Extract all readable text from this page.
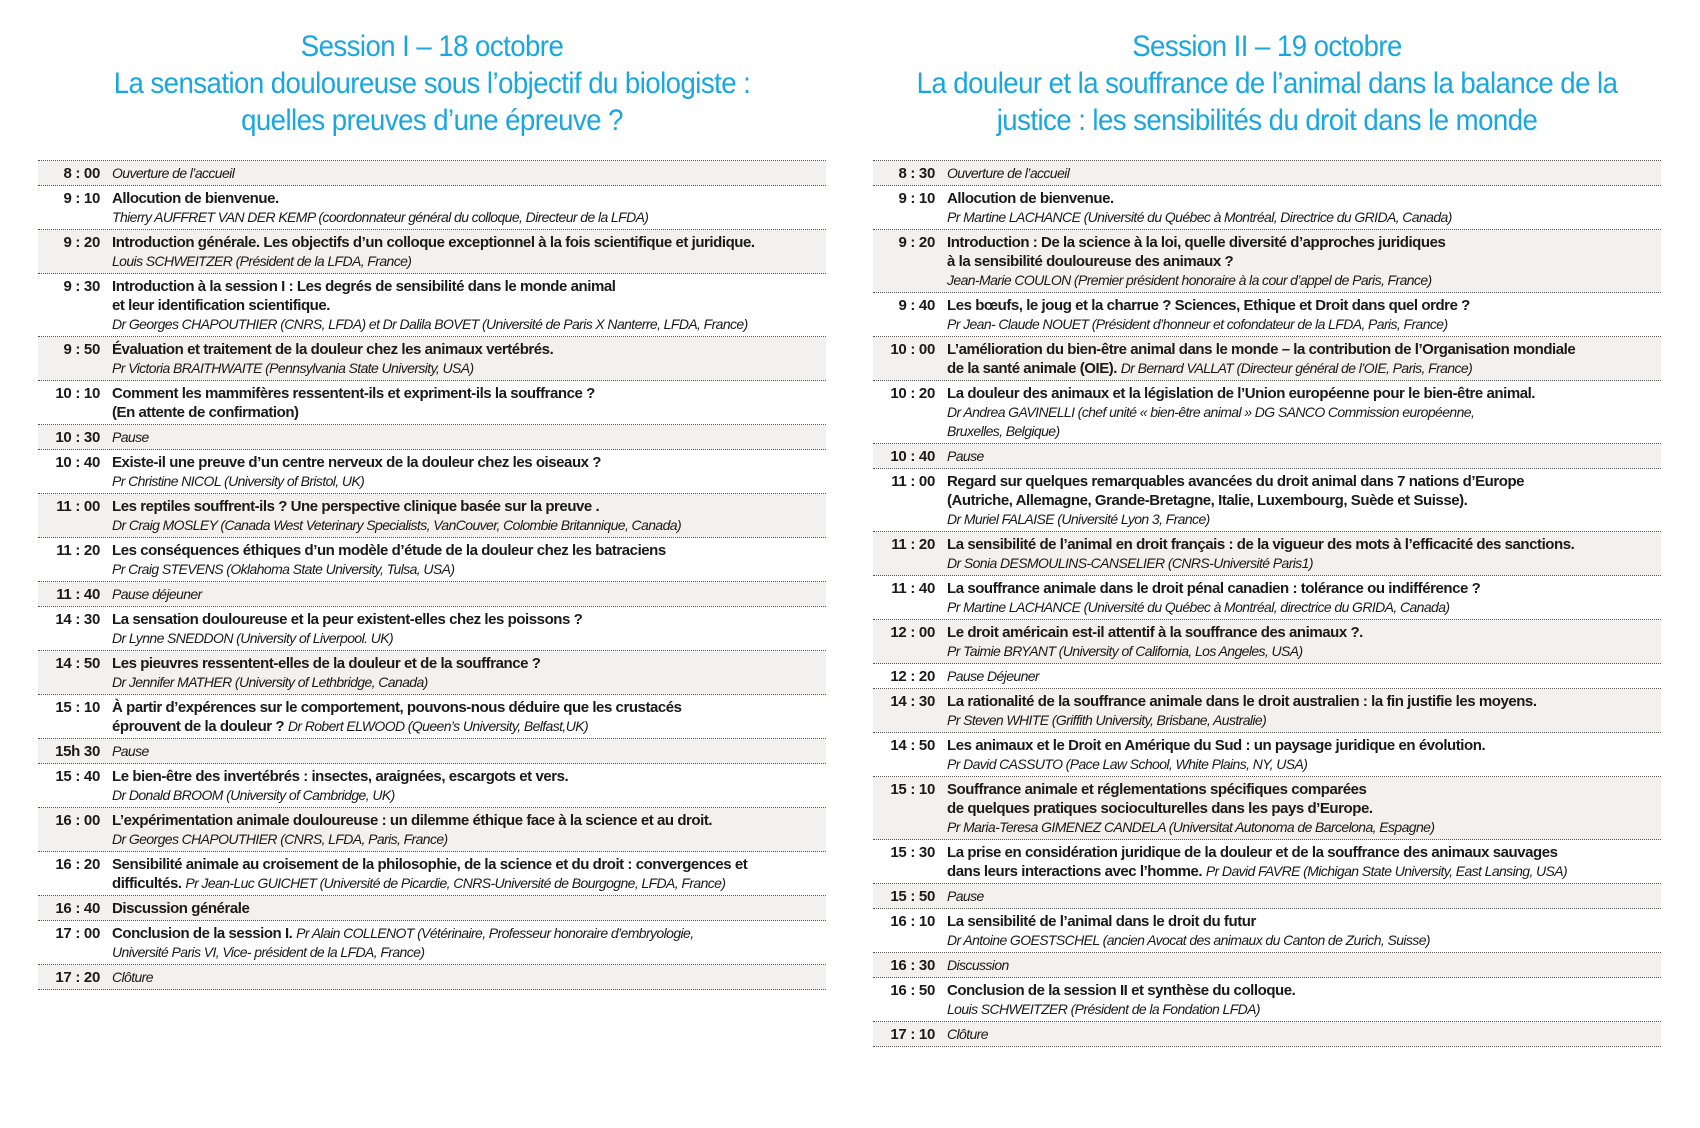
Session I – 18 octobre
La sensation douloureuse sous l’objectif du biologiste :
quelles preuves d’une épreuve ?
8 : 00 Ouverture de l’accueil
9 : 10 Allocution de bienvenue.
Thierry AUFFRET VAN DER KEMP (coordonnateur général du colloque, Directeur de la LFDA)
9 : 20 Introduction générale. Les objectifs d’un colloque exceptionnel à la fois scientifique et juridique.
Louis SCHWEITZER (Président de la LFDA, France)
9 : 30 Introduction à la session I : Les degrés de sensibilité dans le monde animal
et leur identification scientifique.
Dr Georges CHAPOUTHIER (CNRS, LFDA) et Dr Dalila BOVET (Université de Paris X Nanterre, LFDA, France)
9 : 50 Évaluation et traitement de la douleur chez les animaux vertébrés.
Pr Victoria BRAITHWAITE (Pennsylvania State University, USA)
10 : 10 Comment les mammifères ressentent-ils et expriment-ils la souffrance ?
(En attente de confirmation)
10 : 30 Pause
10 : 40 Existe-il une preuve d’un centre nerveux de la douleur chez les oiseaux ?
Pr Christine NICOL (University of Bristol, UK)
11 : 00 Les reptiles souffrent-ils ? Une perspective clinique basée sur la preuve .
Dr Craig MOSLEY (Canada West Veterinary Specialists, VanCouver, Colombie Britannique, Canada)
11 : 20 Les conséquences éthiques d’un modèle d’étude de la douleur chez les batraciens
Pr Craig STEVENS (Oklahoma State University, Tulsa, USA)
11 : 40 Pause déjeuner
14 : 30 La sensation douloureuse et la peur existent-elles chez les poissons ?
Dr Lynne SNEDDON (University of Liverpool. UK)
14 : 50 Les pieuvres ressentent-elles de la douleur et de la souffrance ?
Dr Jennifer MATHER (University of Lethbridge, Canada)
15 : 10 À partir d’expérences sur le comportement, pouvons-nous déduire que les crustacés
éprouvent de la douleur ? Dr Robert ELWOOD (Queen’s University, Belfast,UK)
15h 30 Pause
15 : 40 Le bien-être des invertébrés : insectes, araignées, escargots et vers.
Dr Donald BROOM (University of Cambridge, UK)
16 : 00 L’expérimentation animale douloureuse : un dilemme éthique face à la science et au droit.
Dr Georges CHAPOUTHIER (CNRS, LFDA, Paris, France)
16 : 20 Sensibilité animale au croisement de la philosophie, de la science et du droit : convergences et
difficultés. Pr Jean-Luc GUICHET (Université de Picardie, CNRS-Université de Bourgogne, LFDA, France)
16 : 40 Discussion générale
17 : 00 Conclusion de la session I. Pr Alain COLLENOT (Vétérinaire, Professeur honoraire d’embryologie,
Université Paris VI, Vice- président de la LFDA, France)
17 : 20 Clôture
Session II – 19 octobre
La douleur et la souffrance de l’animal dans la balance de la
justice : les sensibilités du droit dans le monde
8 : 30 Ouverture de l’accueil
9 : 10 Allocution de bienvenue.
Pr Martine LACHANCE (Université du Québec à Montréal, Directrice du GRIDA, Canada)
9 : 20 Introduction : De la science à la loi, quelle diversité d’approches juridiques
à la sensibilité douloureuse des animaux ?
Jean-Marie COULON (Premier président honoraire à la cour d’appel de Paris, France)
9 : 40 Les bœufs, le joug et la charrue ? Sciences, Ethique et Droit dans quel ordre ?
Pr Jean- Claude NOUET (Président d’honneur et cofondateur de la LFDA, Paris, France)
10 : 00 L’amélioration du bien-être animal dans le monde – la contribution de l’Organisation mondiale
de la santé animale (OIE). Dr Bernard VALLAT (Directeur général de l’OIE, Paris, France)
10 : 20 La douleur des animaux et la législation de l’Union européenne pour le bien-être animal.
Dr Andrea GAVINELLI (chef unité « bien-être animal » DG SANCO Commission européenne,
Bruxelles, Belgique)
10 : 40 Pause
11 : 00 Regard sur quelques remarquables avancées du droit animal dans 7 nations d’Europe
(Autriche, Allemagne, Grande-Bretagne, Italie, Luxembourg, Suède et Suisse).
Dr Muriel FALAISE (Université Lyon 3, France)
11 : 20 La sensibilité de l’animal en droit français : de la vigueur des mots à l’efficacité des sanctions.
Dr Sonia DESMOULINS-CANSELIER (CNRS-Université Paris1)
11 : 40 La souffrance animale dans le droit pénal canadien : tolérance ou indifférence ?
Pr Martine LACHANCE (Université du Québec à Montréal, directrice du GRIDA, Canada)
12 : 00 Le droit américain est-il attentif à la souffrance des animaux ?.
Pr Taimie BRYANT (University of California, Los Angeles, USA)
12 : 20 Pause Déjeuner
14 : 30 La rationalité de la souffrance animale dans le droit australien : la fin justifie les moyens.
Pr Steven WHITE (Griffith University, Brisbane, Australie)
14 : 50 Les animaux et le Droit en Amérique du Sud : un paysage juridique en évolution.
Pr David CASSUTO (Pace Law School, White Plains, NY, USA)
15 : 10 Souffrance animale et réglementations spécifiques comparées
de quelques pratiques socioculturelles dans les pays d’Europe.
Pr Maria-Teresa GIMENEZ CANDELA (Universitat Autonoma de Barcelona, Espagne)
15 : 30 La prise en considération juridique de la douleur et de la souffrance des animaux sauvages
dans leurs interactions avec l’homme. Pr David FAVRE (Michigan State University, East Lansing, USA)
15 : 50 Pause
16 : 10 La sensibilité de l’animal dans le droit du futur
Dr Antoine GOESTSCHEL (ancien Avocat des animaux du Canton de Zurich, Suisse)
16 : 30 Discussion
16 : 50 Conclusion de la session II et synthèse du colloque.
Louis SCHWEITZER (Président de la Fondation LFDA)
17 : 10 Clôture
